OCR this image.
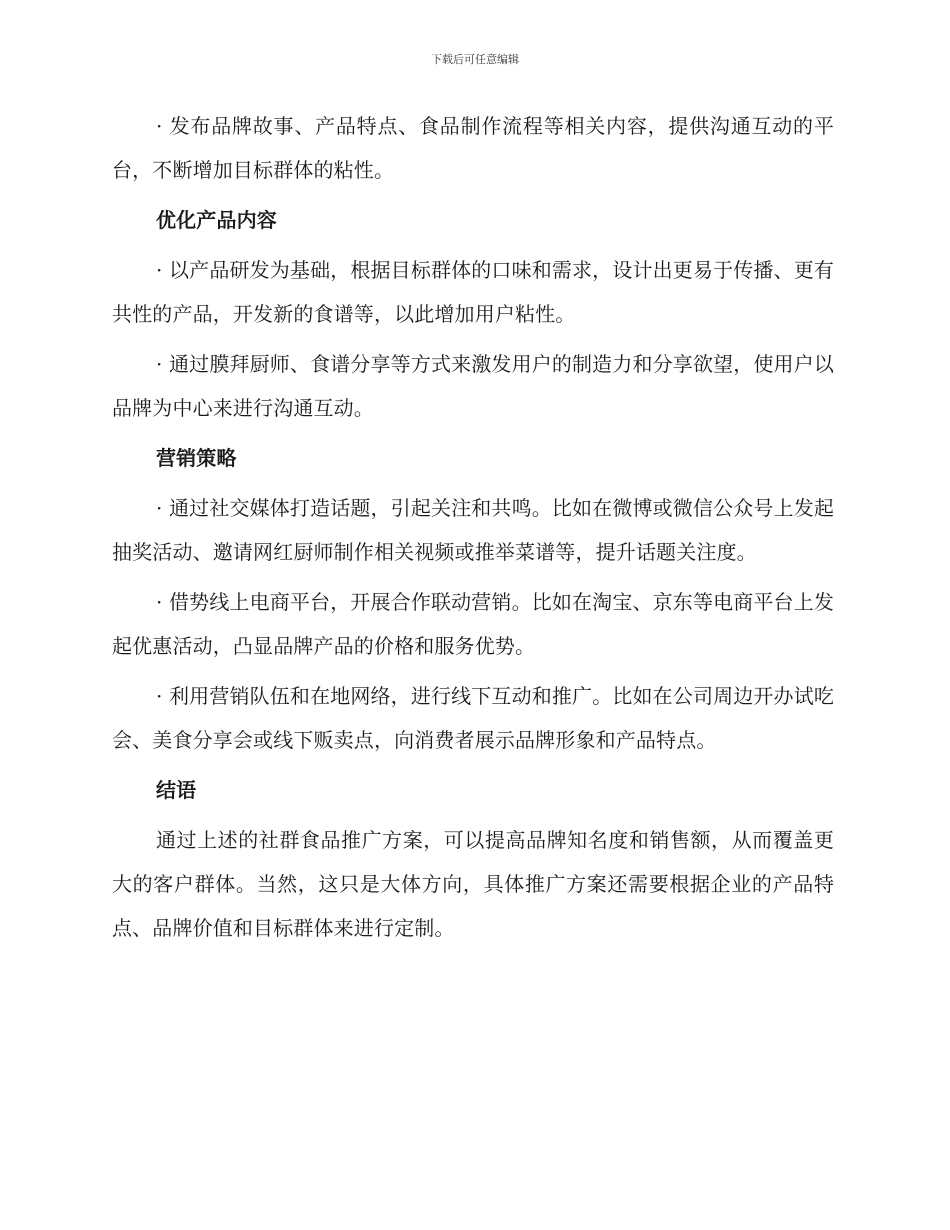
下载后可任意编辑

· 发布品牌故事、产品特点、食品制作流程等相关内容，提供沟通互动的平台，不断增加目标群体的粘性。

优化产品内容

· 以产品研发为基础，根据目标群体的口味和需求，设计出更易于传播、更有共性的产品，开发新的食谱等，以此增加用户粘性。

· 通过膜拜厨师、食谱分享等方式来激发用户的制造力和分享欲望，使用户以品牌为中心来进行沟通互动。

营销策略

· 通过社交媒体打造话题，引起关注和共鸣。比如在微博或微信公众号上发起抽奖活动、邀请网红厨师制作相关视频或推举菜谱等，提升话题关注度。

· 借势线上电商平台，开展合作联动营销。比如在淘宝、京东等电商平台上发起优惠活动，凸显品牌产品的价格和服务优势。

· 利用营销队伍和在地网络，进行线下互动和推广。比如在公司周边开办试吃会、美食分享会或线下贩卖点，向消费者展示品牌形象和产品特点。

结语

通过上述的社群食品推广方案，可以提高品牌知名度和销售额，从而覆盖更大的客户群体。当然，这只是大体方向，具体推广方案还需要根据企业的产品特点、品牌价值和目标群体来进行定制。
